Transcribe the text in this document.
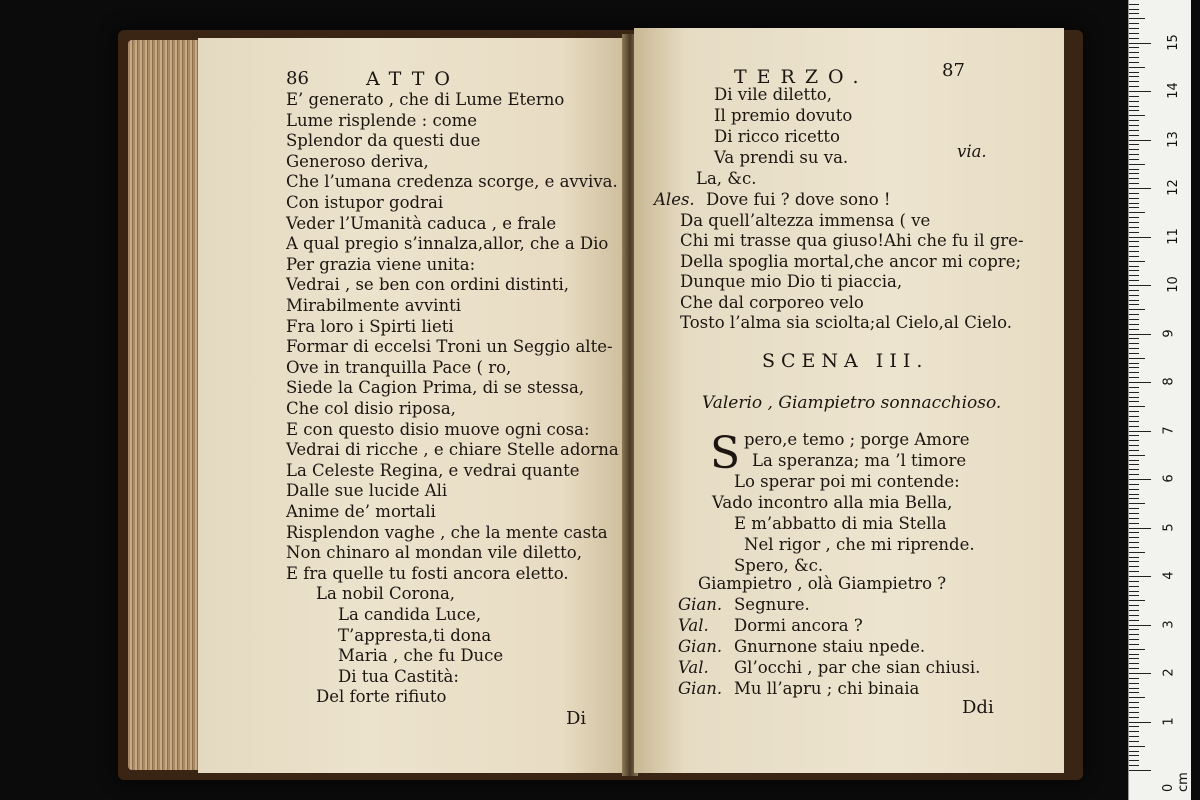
86	ATTO
E’ generato , che di Lume Eterno
Lume risplende : come
Splendor da questi due
Generoso deriva,
Che l’umana credenza scorge, e avviva.
Con istupor godrai
Veder l’Umanità caduca , e frale
A qual pregio s’innalza,allor, che a Dio
Per grazia viene unita:
Vedrai , se ben con ordini distinti,
Mirabilmente avvinti
Fra loro i Spirti lieti
Formar di eccelsi Troni un Seggio alte-
Ove in tranquilla Pace ( ro,
Siede la Cagion Prima, di se stessa,
Che col disio riposa,
E con questo disio muove ogni cosa:
Vedrai di ricche , e chiare Stelle adorna
La Celeste Regina, e vedrai quante
Dalle sue lucide Ali
Anime de’ mortali
Risplendon vaghe , che la mente casta
Non chinaro al mondan vile diletto,
E fra quelle tu fosti ancora eletto.
La nobil Corona,
La candida Luce,
T’appresta,ti dona
Maria , che fu Duce
Di tua Castità:
Del forte rifiuto
Di
TERZO.	87
Di vile diletto,
Il premio dovuto
Di ricco ricetto
Va prendi su va.
La, &c.
via.
Ales. Dove fui ? dove sono !
Da quell’altezza immensa ( ve
Chi mi trasse qua giuso!Ahi che fu il gre-
Della spoglia mortal,che ancor mi copre;
Dunque mio Dio ti piaccia,
Che dal corporeo velo
Tosto l’alma sia sciolta;al Cielo,al Cielo.
SCENA III.
Valerio , Giampietro sonnacchioso.
S pero,e temo ; porge Amore
La speranza; ma ’l timore
Lo sperar poi mi contende:
Vado incontro alla mia Bella,
E m’abbatto di mia Stella
Nel rigor , che mi riprende.
Spero, &c.
Giampietro , olà Giampietro ?
Gian. Segnure.
Val. Dormi ancora ?
Gian. Gnurnone staiu npede.
Val. Gl’occhi , par che sian chiusi.
Gian. Mu ll’apru ; chi binaia
Ddi
0 cm
1
2
3
4
5
6
7
8
9
10
11
12
13
14
15
